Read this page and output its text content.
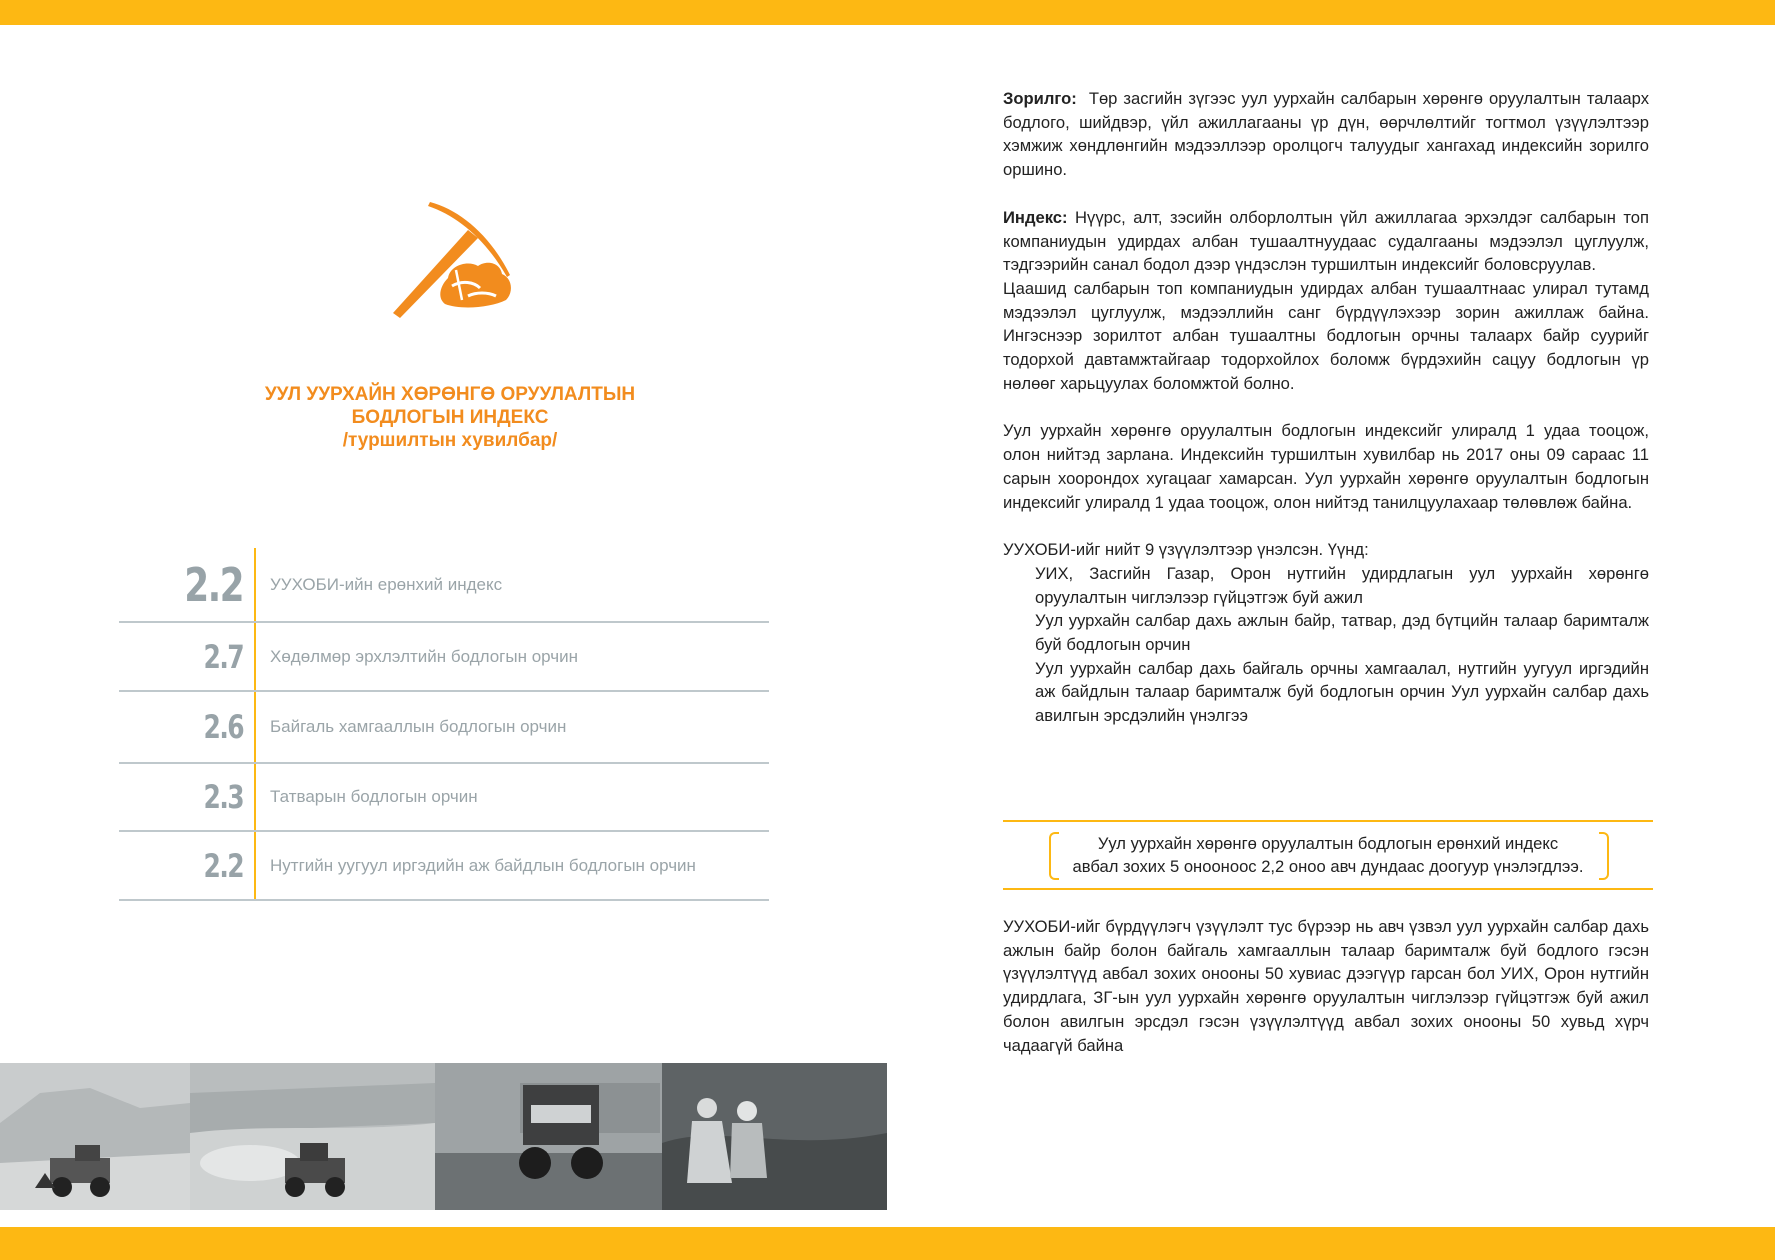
УУЛ УУРХАЙН ХӨРӨНГӨ ОРУУЛАЛТЫН
БОДЛОГЫН ИНДЕКС
/туршилтын хувилбар/
2.2	УУХОБИ-ийн ерөнхий индекс
2.7	Хөдөлмөр эрхлэлтийн бодлогын орчин
2.6	Байгаль хамгааллын бодлогын орчин
2.3	Татварын бодлогын орчин
2.2	Нутгийн уугуул иргэдийн аж байдлын бодлогын орчин

Зорилго: Төр засгийн зүгээс уул уурхайн салбарын хөрөнгө оруулалтын талаарх бодлого, шийдвэр, үйл ажиллагааны үр дүн, өөрчлөлтийг тогтмол үзүүлэлтээр хэмжиж хөндлөнгийн мэдээллээр оролцогч талуудыг хангахад индексийн зорилго оршино.

Индекс: Нүүрс, алт, зэсийн олборлолтын үйл ажиллагаа эрхэлдэг салбарын топ компаниудын удирдах албан тушаалтнуудаас судалгааны мэдээлэл цуглуулж, тэдгээрийн санал бодол дээр үндэслэн туршилтын индексийг боловсруулав.

Цаашид салбарын топ компаниудын удирдах албан тушаалтнаас улирал тутамд мэдээлэл цуглуулж, мэдээллийн санг бүрдүүлэхээр зорин ажиллаж байна. Ингэснээр зорилтот албан тушаалтны бодлогын орчны талаарх байр суурийг тодорхой давтамжтайгаар тодорхойлох боломж бүрдэхийн сацуу бодлогын үр нөлөөг харьцуулах боломжтой болно.

Уул уурхайн хөрөнгө оруулалтын бодлогын индексийг улиралд 1 удаа тооцож, олон нийтэд зарлана. Индексийн туршилтын хувилбар нь 2017 оны 09 сараас 11 сарын хоорондох хугацааг хамарсан. Уул уурхайн хөрөнгө оруулалтын бодлогын индексийг улиралд 1 удаа тооцож, олон нийтэд танилцуулахаар төлөвлөж байна.

УУХОБИ-ийг нийт 9 үзүүлэлтээр үнэлсэн. Үүнд:

УИХ, Засгийн Газар, Орон нутгийн удирдлагын уул уурхайн хөрөнгө оруулалтын чиглэлээр гүйцэтгэж буй ажил

Уул уурхайн салбар дахь ажлын байр, татвар, дэд бүтцийн талаар баримталж буй бодлогын орчин

Уул уурхайн салбар дахь байгаль орчны хамгаалал, нутгийн уугуул иргэдийн аж байдлын талаар баримталж буй бодлогын орчин Уул уурхайн салбар дахь авилгын эрсдэлийн үнэлгээ

Уул уурхайн хөрөнгө оруулалтын бодлогын ерөнхий индекс
авбал зохих 5 онооноос 2,2 оноо авч дундаас доогуур үнэлэгдлээ.
УУХОБИ-ийг бүрдүүлэгч үзүүлэлт тус бүрээр нь авч үзвэл уул уурхайн салбар дахь ажлын байр болон байгаль хамгааллын талаар баримталж буй бодлого гэсэн үзүүлэлтүүд авбал зохих онооны 50 хувиас дээгүүр гарсан бол УИХ, Орон нутгийн удирдлага, ЗГ-ын уул уурхайн хөрөнгө оруулалтын чиглэлээр гүйцэтгэж буй ажил болон авилгын эрсдэл гэсэн үзүүлэлтүүд авбал зохих онооны 50 хувьд хүрч чадаагүй байна
